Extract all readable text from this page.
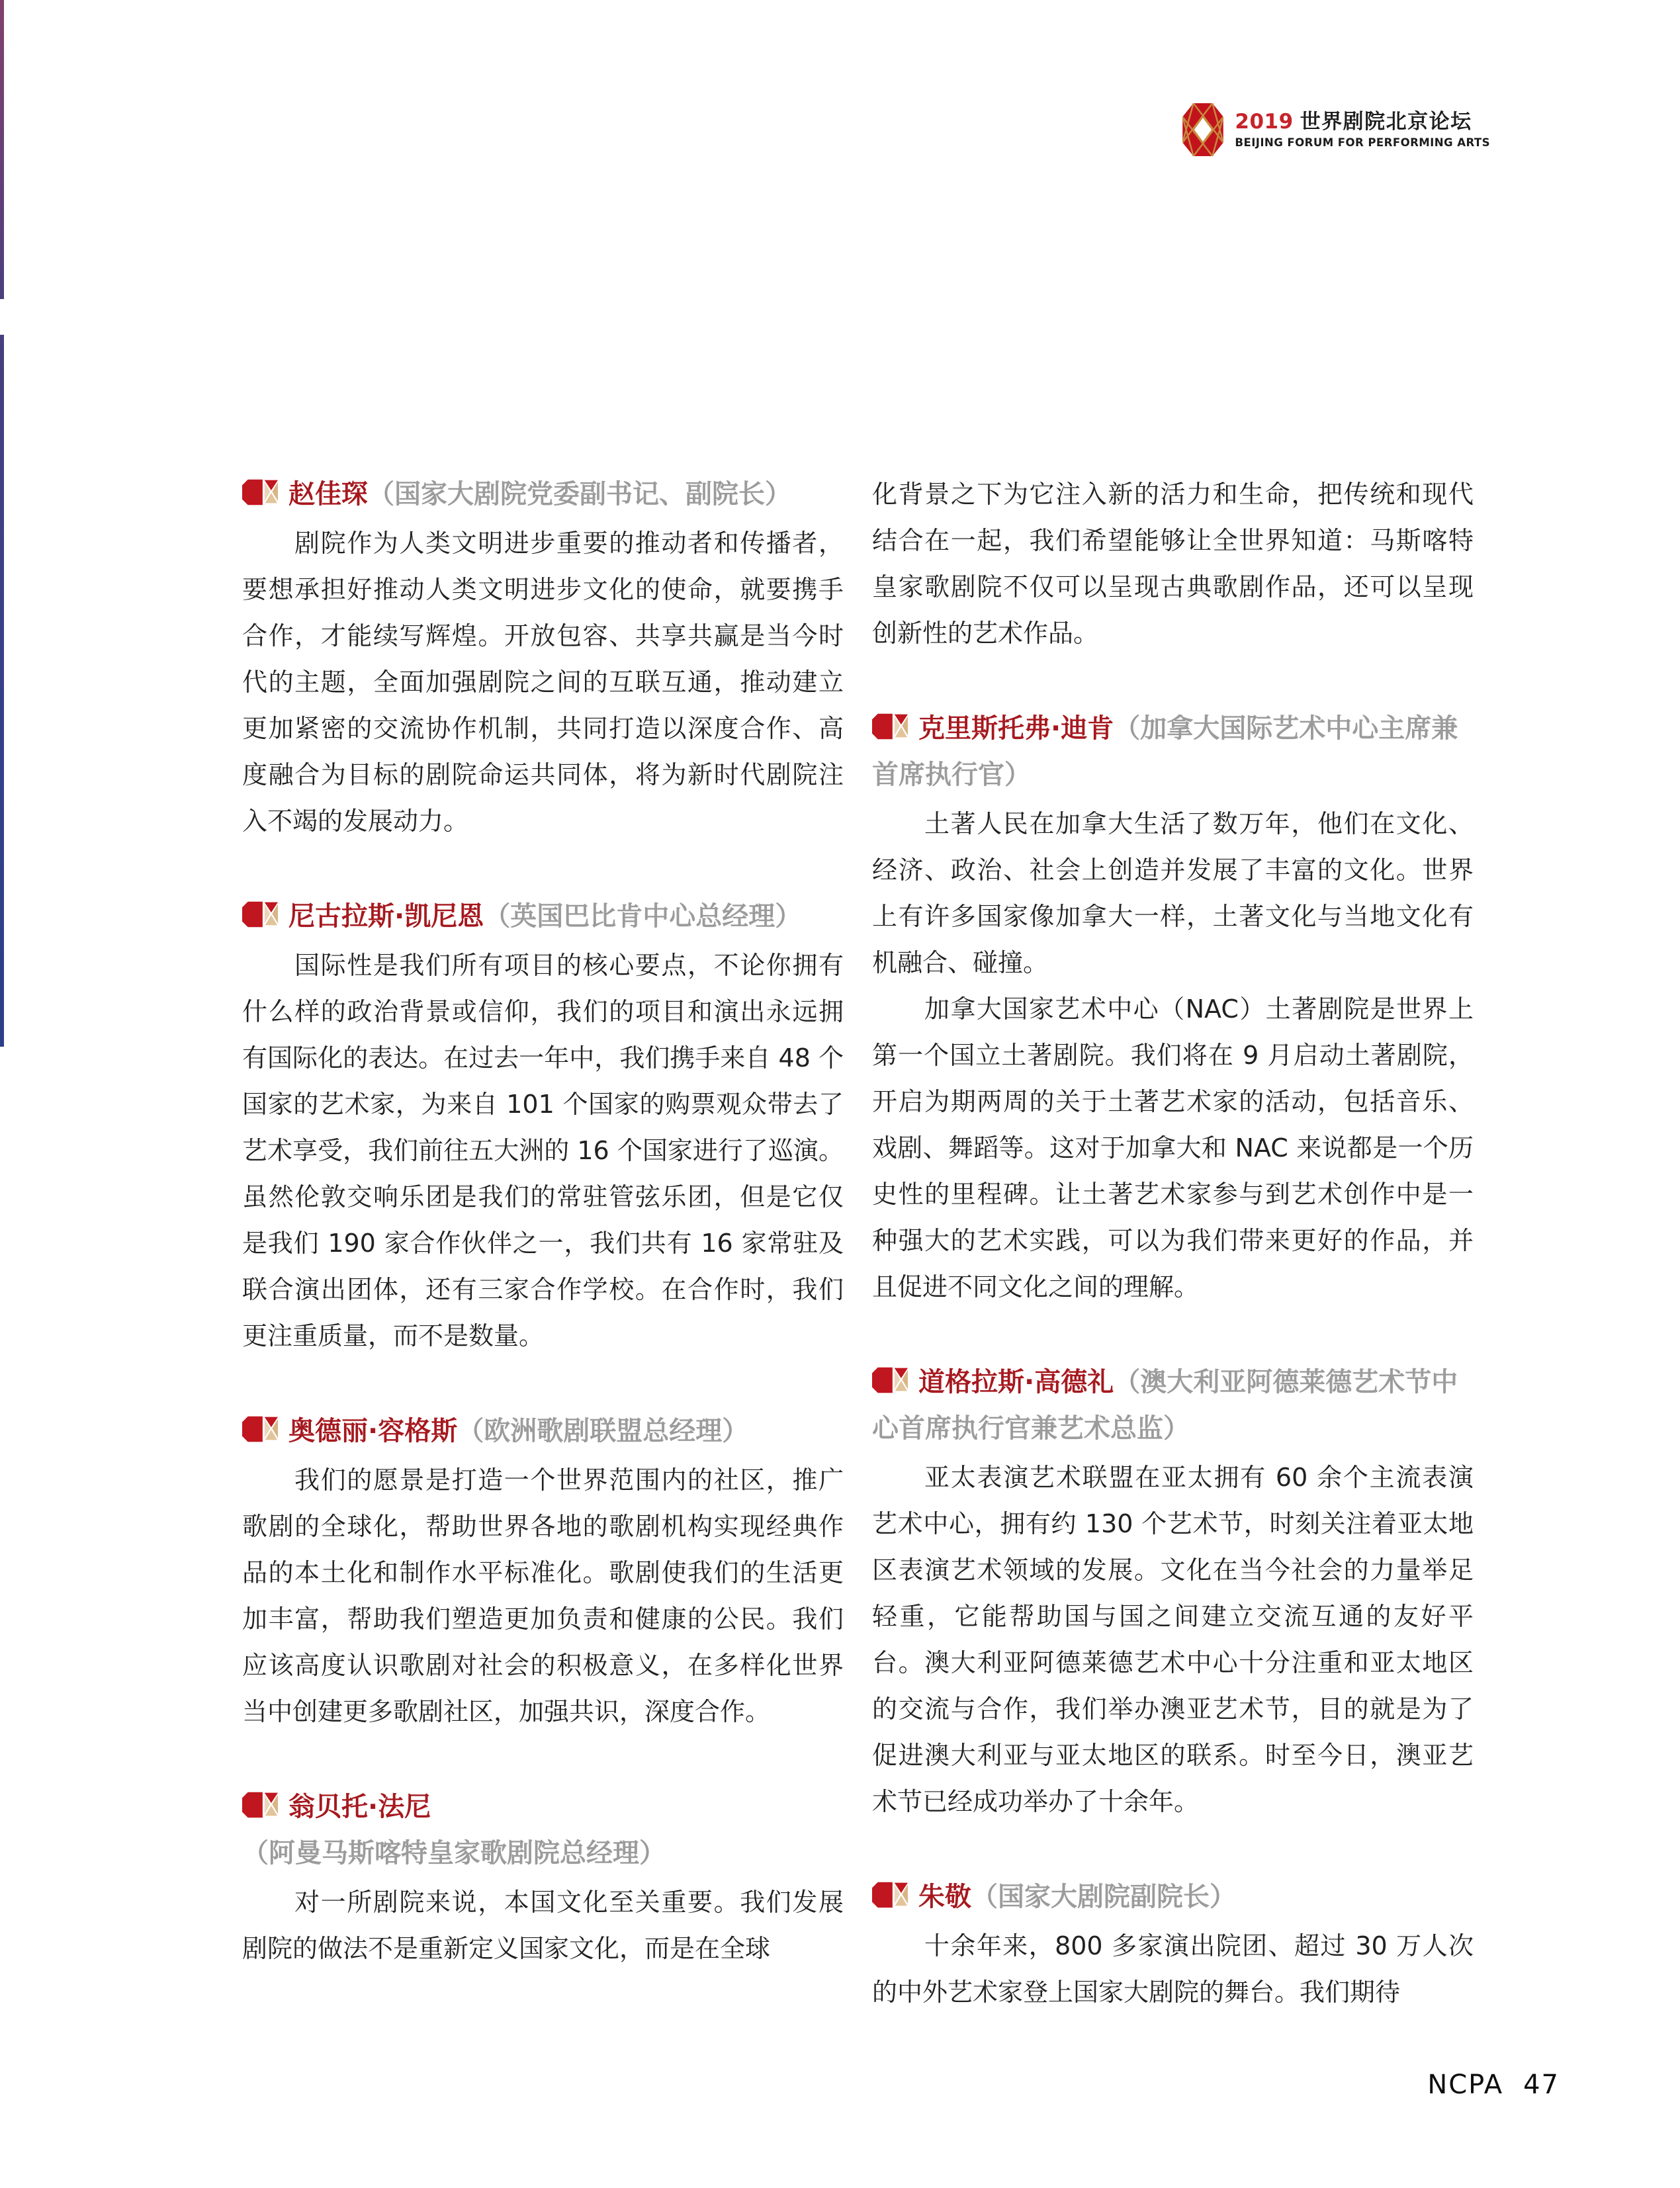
2019 世界剧院北京论坛
BEIJING FORUM FOR PERFORMING ARTS
赵佳琛（国家大剧院党委副书记、副院长）

剧院作为人类文明进步重要的推动者和传播者，要想承担好推动人类文明进步文化的使命，就要携手合作，才能续写辉煌。开放包容、共享共赢是当今时代的主题，全面加强剧院之间的互联互通，推动建立更加紧密的交流协作机制，共同打造以深度合作、高度融合为目标的剧院命运共同体，将为新时代剧院注入不竭的发展动力。

尼古拉斯·凯尼恩（英国巴比肯中心总经理）

国际性是我们所有项目的核心要点，不论你拥有什么样的政治背景或信仰，我们的项目和演出永远拥有国际化的表达。在过去一年中，我们携手来自 48 个国家的艺术家，为来自 101 个国家的购票观众带去了艺术享受，我们前往五大洲的 16 个国家进行了巡演。虽然伦敦交响乐团是我们的常驻管弦乐团，但是它仅是我们 190 家合作伙伴之一，我们共有 16 家常驻及联合演出团体，还有三家合作学校。在合作时，我们更注重质量，而不是数量。

奥德丽·容格斯（欧洲歌剧联盟总经理）

我们的愿景是打造一个世界范围内的社区，推广歌剧的全球化，帮助世界各地的歌剧机构实现经典作品的本土化和制作水平标准化。歌剧使我们的生活更加丰富，帮助我们塑造更加负责和健康的公民。我们应该高度认识歌剧对社会的积极意义，在多样化世界当中创建更多歌剧社区，加强共识，深度合作。

翁贝托·法尼（阿曼马斯喀特皇家歌剧院总经理）

对一所剧院来说，本国文化至关重要。我们发展剧院的做法不是重新定义国家文化，而是在全球

化背景之下为它注入新的活力和生命，把传统和现代结合在一起，我们希望能够让全世界知道：马斯喀特皇家歌剧院不仅可以呈现古典歌剧作品，还可以呈现创新性的艺术作品。

克里斯托弗·迪肯（加拿大国际艺术中心主席兼首席执行官）

土著人民在加拿大生活了数万年，他们在文化、经济、政治、社会上创造并发展了丰富的文化。世界上有许多国家像加拿大一样，土著文化与当地文化有机融合、碰撞。

加拿大国家艺术中心（NAC）土著剧院是世界上第一个国立土著剧院。我们将在 9 月启动土著剧院，开启为期两周的关于土著艺术家的活动，包括音乐、戏剧、舞蹈等。这对于加拿大和 NAC 来说都是一个历史性的里程碑。让土著艺术家参与到艺术创作中是一种强大的艺术实践，可以为我们带来更好的作品，并且促进不同文化之间的理解。

道格拉斯·高德礼（澳大利亚阿德莱德艺术节中心首席执行官兼艺术总监）

亚太表演艺术联盟在亚太拥有 60 余个主流表演艺术中心，拥有约 130 个艺术节，时刻关注着亚太地区表演艺术领域的发展。文化在当今社会的力量举足轻重，它能帮助国与国之间建立交流互通的友好平台。澳大利亚阿德莱德艺术中心十分注重和亚太地区的交流与合作，我们举办澳亚艺术节，目的就是为了促进澳大利亚与亚太地区的联系。时至今日，澳亚艺术节已经成功举办了十余年。

朱敬（国家大剧院副院长）

十余年来，800 多家演出院团、超过 30 万人次的中外艺术家登上国家大剧院的舞台。我们期待

NCPA 47
